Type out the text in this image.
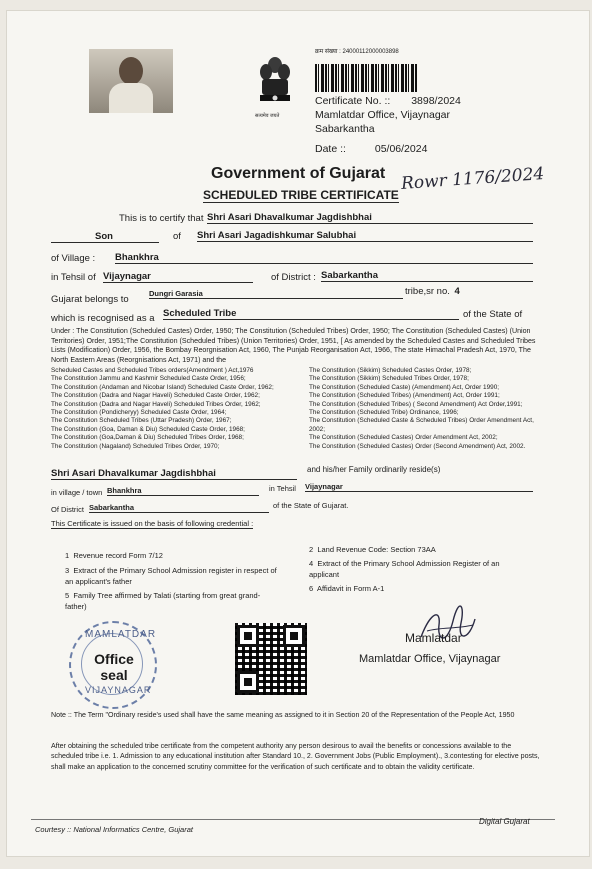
सत्यमेव जयते
क्रम संख्या : 24000112000003898
Certificate No. :: 3898/2024
Mamlatdar Office, Vijaynagar
Sabarkantha
Date ::	05/06/2024
Government of Gujarat
SCHEDULED TRIBE CERTIFICATE
Rowr 1176/2024
This is to certify that Shri Asari Dhavalkumar Jagdishbhai
Son	of Shri Asari Jagadishkumar Salubhai
of Village : Bhankhra
in Tehsil of Vijaynagar	of District : Sabarkantha
Gujarat belongs to
Dungri Garasia	tribe,sr no. 4
which is recognised as a Scheduled Tribe	of the State of
Under : The Constitution (Scheduled Castes) Order, 1950; The Constitution (Scheduled Tribes) Order, 1950; The Constitution (Scheduled Castes) (Union Territories) Order, 1951;The Constitution (Scheduled Tribes) (Union Territories) Order, 1951, [ As amended by the Scheduled Castes and Scheduled Tribes Lists (Modification) Order, 1956, the Bombay Reorgnisation Act, 1960, The Punjab Reorganisation Act, 1966, The state Himachal Pradesh Act, 1970, The North Eastern Areas (Reorgnisations Act, 1971) and the
Scheduled Castes and Scheduled Tribes orders(Amendment ) Act,1976
The Constitution Jammu and Kashmir Scheduled Caste Order, 1956;
The Constitution (Andaman and Nicobar Island) Scheduled Caste Order, 1962;
The Constitution (Dadra and Nagar Haveli) Scheduled Caste Order, 1962;
The Constitution (Dadra and Nagar Haveli) Scheduled Tribes Order, 1962;
The Constitution (Pondicheryy) Scheduled Caste Order, 1964;
The Constitution Scheduled Tribes (Uttar Pradesh) Order, 1967;
The Constitution (Goa, Daman & Diu) Scheduled Caste Order, 1968;
The Constitution (Goa,Daman & Diu) Scheduled Tribes Order, 1968;
The Constitution (Nagaland) Scheduled Tribes Order, 1970;
The Constitution (Sikkim) Scheduled Castes Order, 1978;
The Constitution (Sikkim) Scheduled Tribes Order, 1978;
The Constitution (Scheduled Caste) (Amendment) Act, Order 1990;
The Constitution (Scheduled Tribes) (Amendment) Act, Order 1991;
The Constitution (Scheduled Tribes) ( Second Amendment) Act Order,1991;
The Constitution (Scheduled Tribe) Ordinance, 1996;
The Constitution (Scheduled Caste & Scheduled Tribes) Order Amendment Act, 2002;
The Constitution (Scheduled Castes) Order Amendment Act, 2002;
The Constitution (Scheduled Castes) Order (Second Amendment) Act, 2002.
Shri Asari Dhavalkumar Jagdishbhai	and his/her Family ordinarily reside(s)
in village / town Bhankhra	in Tehsil Vijaynagar
Of District Sabarkantha	of the State of Gujarat.
This Certificate is issued on the basis of following credential :
1 Revenue record Form 7/12
2 Land Revenue Code: Section 73AA
3 Extract of the Primary School Admission register in respect of an applicant's father
4 Extract of the Primary School Admission Register of an applicant
5 Family Tree affirmed by Talati (starting from great grand-father)
6 Affidavit in Form A-1
MAMLATDAR
Office seal
VIJAYNAGAR
Mamlatdar
Mamlatdar Office, Vijaynagar
Note :: The Term "Ordinary reside's used shall have the same meaning as assigned to it in Section 20 of the Representation of the People Act, 1950
After obtaining the scheduled tribe certificate from the competent authority any person desirous to avail the benefits or concessions available to the scheduled tribe i.e. 1. Admission to any educational institution after Standard 10., 2. Government Jobs (Public Employment)., 3.contesting for elective posts, shall make an application to the concerned scrutiny committee for the verification of such certificate and to obtain the validity certificate.
Courtesy :: National Informatics Centre, Gujarat
Digital Gujarat
